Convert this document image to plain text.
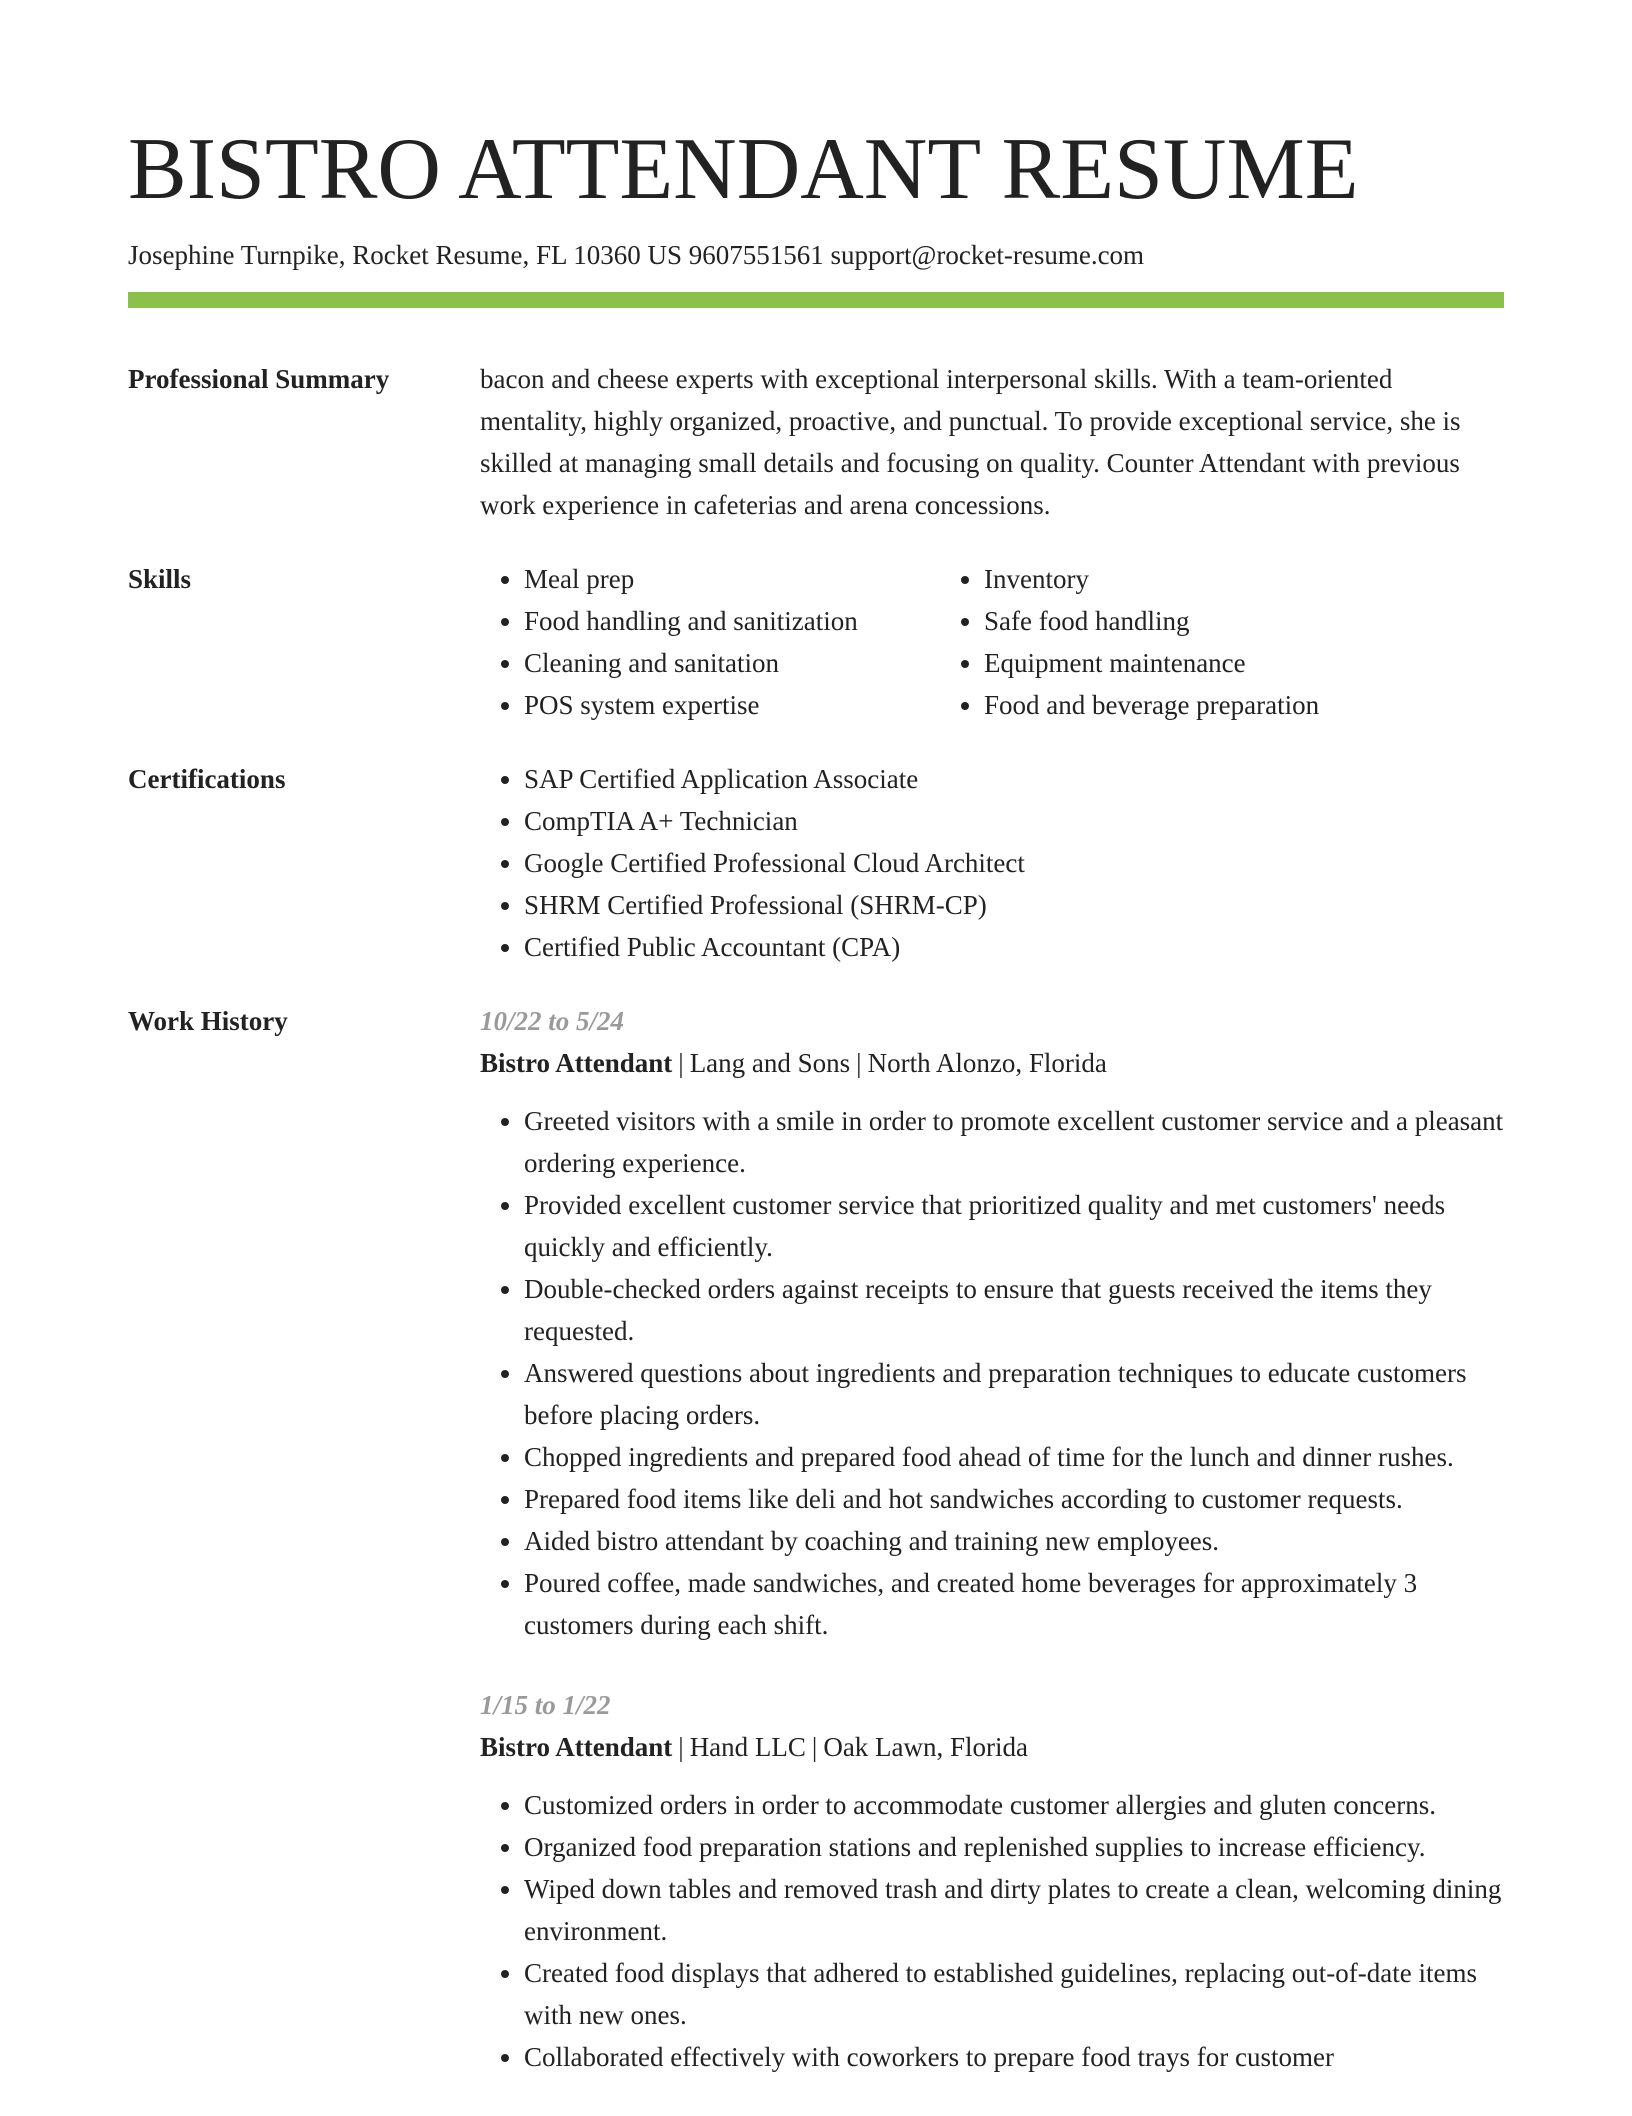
BISTRO ATTENDANT RESUME
Josephine Turnpike, Rocket Resume, FL 10360 US 9607551561 support@rocket-resume.com
Professional Summary	bacon and cheese experts with exceptional interpersonal skills. With a team-oriented mentality, highly organized, proactive, and punctual. To provide exceptional service, she is skilled at managing small details and focusing on quality. Counter Attendant with previous work experience in cafeterias and arena concessions.

Skills	• Meal prep
• Food handling and sanitization
• Cleaning and sanitation
• POS system expertise
• Inventory
• Safe food handling
• Equipment maintenance
• Food and beverage preparation
Certifications	• SAP Certified Application Associate
• CompTIA A+ Technician
• Google Certified Professional Cloud Architect
• SHRM Certified Professional (SHRM-CP)
• Certified Public Accountant (CPA)
Work History	10/22 to 5/24
Bistro Attendant | Lang and Sons | North Alonzo, Florida
• Greeted visitors with a smile in order to promote excellent customer service and a pleasant ordering experience.
• Provided excellent customer service that prioritized quality and met customers' needs quickly and efficiently.
• Double-checked orders against receipts to ensure that guests received the items they requested.
• Answered questions about ingredients and preparation techniques to educate customers before placing orders.
• Chopped ingredients and prepared food ahead of time for the lunch and dinner rushes.
• Prepared food items like deli and hot sandwiches according to customer requests.
• Aided bistro attendant by coaching and training new employees.
• Poured coffee, made sandwiches, and created home beverages for approximately 3 customers during each shift.
1/15 to 1/22
Bistro Attendant | Hand LLC | Oak Lawn, Florida
• Customized orders in order to accommodate customer allergies and gluten concerns.
• Organized food preparation stations and replenished supplies to increase efficiency.
• Wiped down tables and removed trash and dirty plates to create a clean, welcoming dining environment.
• Created food displays that adhered to established guidelines, replacing out-of-date items with new ones.
• Collaborated effectively with coworkers to prepare food trays for customer
